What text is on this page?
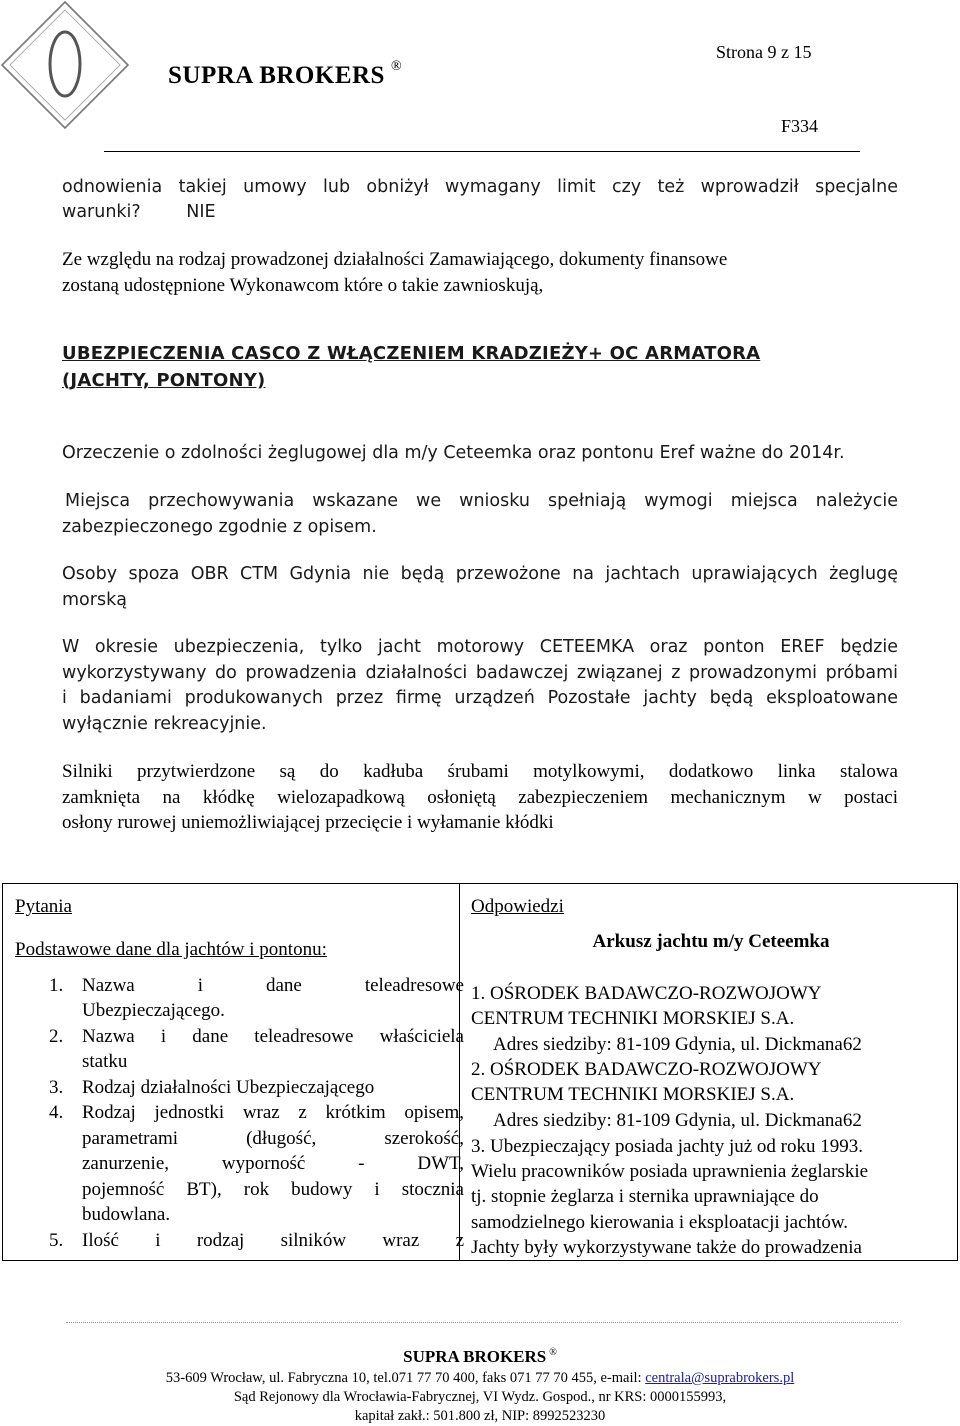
SUPRA BROKERS ®
Strona 9 z 15
F334
odnowienia takiej umowy lub obniżył wymagany limit czy też wprowadził specjalne
warunki?	NIE
Ze względu na rodzaj prowadzonej działalności Zamawiającego, dokumenty finansowe
zostaną udostępnione Wykonawcom które o takie zawnioskują,
UBEZPIECZENIA CASCO Z WŁĄCZENIEM KRADZIEŻY+ OC ARMATORA
(JACHTY, PONTONY)
Orzeczenie o zdolności żeglugowej dla m/y Ceteemka oraz pontonu Eref ważne do 2014r.
Miejsca przechowywania wskazane we wniosku spełniają wymogi miejsca należycie
zabezpieczonego zgodnie z opisem.
Osoby spoza OBR CTM Gdynia nie będą przewożone na jachtach uprawiających żeglugę
morską
W okresie ubezpieczenia, tylko jacht motorowy CETEEMKA oraz ponton EREF będzie
wykorzystywany do prowadzenia działalności badawczej związanej z prowadzonymi próbami
i badaniami produkowanych przez firmę urządzeń Pozostałe jachty będą eksploatowane
wyłącznie rekreacyjnie.
Silniki przytwierdzone są do kadłuba śrubami motylkowymi, dodatkowo linka stalowa
zamknięta na kłódkę wielozapadkową osłoniętą zabezpieczeniem mechanicznym w postaci
osłony rurowej uniemożliwiającej przecięcie i wyłamanie kłódki
Pytania
Podstawowe dane dla jachtów i pontonu:
1. Nazwa i dane teleadresowe
Ubezpieczającego.
2. Nazwa i dane teleadresowe właściciela
statku
3. Rodzaj działalności Ubezpieczającego
4. Rodzaj jednostki wraz z krótkim opisem,
parametrami (długość, szerokość,
zanurzenie, wyporność - DWT,
pojemność BT), rok budowy i stocznia
budowlana.
5. Ilość i rodzaj silników wraz z
Odpowiedzi
Arkusz jachtu m/y Ceteemka
1. OŚRODEK BADAWCZO-ROZWOJOWY
CENTRUM TECHNIKI MORSKIEJ S.A.
Adres siedziby: 81-109 Gdynia, ul. Dickmana62
2. OŚRODEK BADAWCZO-ROZWOJOWY
CENTRUM TECHNIKI MORSKIEJ S.A.
Adres siedziby: 81-109 Gdynia, ul. Dickmana62
3. Ubezpieczający posiada jachty już od roku 1993.
Wielu pracowników posiada uprawnienia żeglarskie
tj. stopnie żeglarza i sternika uprawniające do
samodzielnego kierowania i eksploatacji jachtów.
Jachty były wykorzystywane także do prowadzenia
SUPRA BROKERS ®
53-609 Wrocław, ul. Fabryczna 10, tel.071 77 70 400, faks 071 77 70 455, e-mail: centrala@suprabrokers.pl
Sąd Rejonowy dla Wrocławia-Fabrycznej, VI Wydz. Gospod., nr KRS: 0000155993,
kapitał zakł.: 501.800 zł, NIP: 8992523230
